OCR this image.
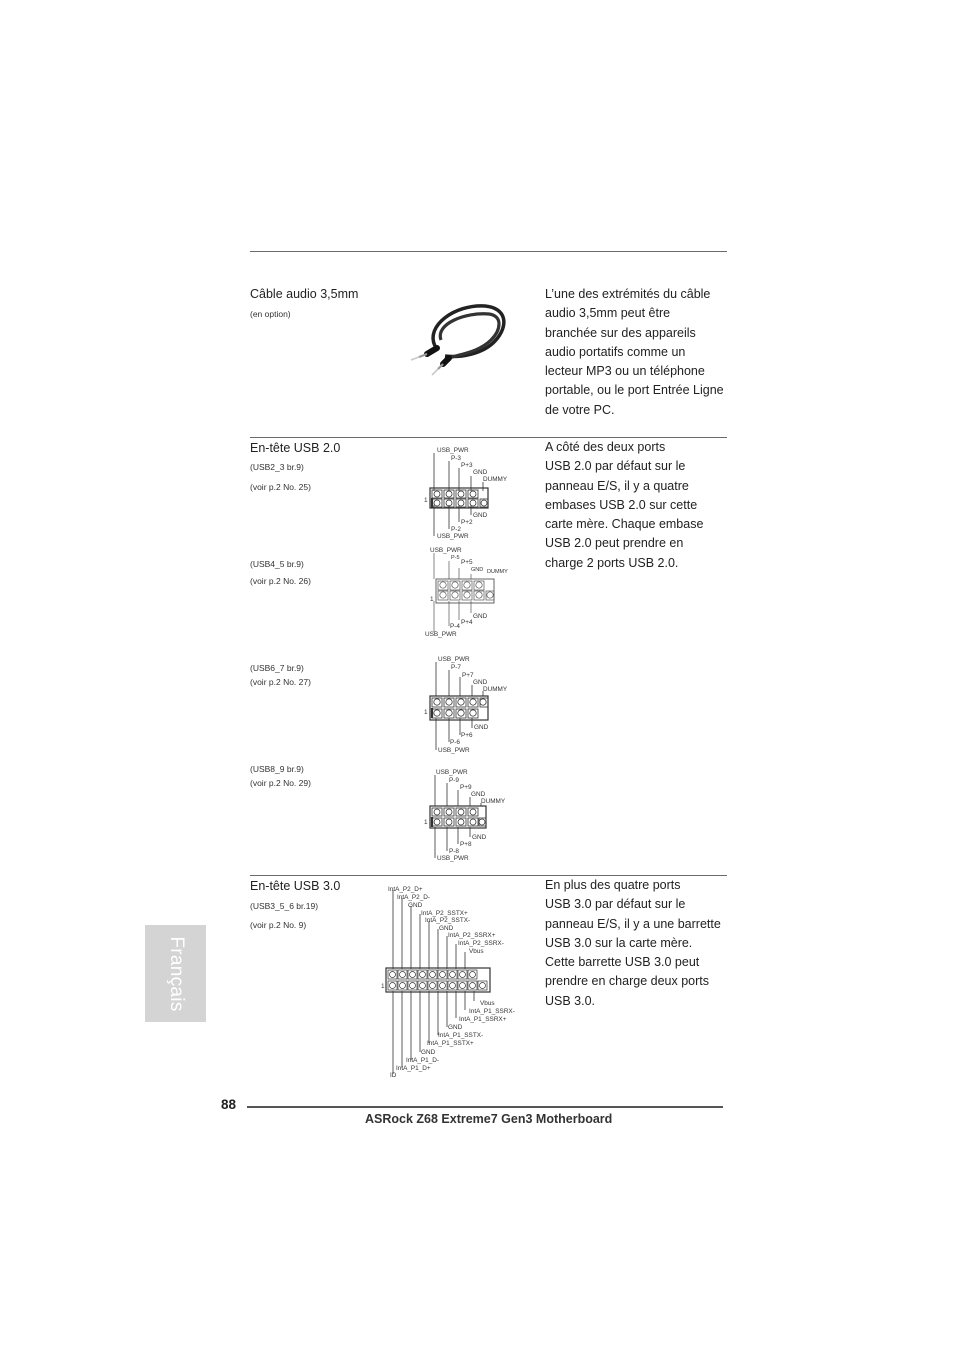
Câble audio 3,5mm
(en option)
L’une des extrémités du câble
audio 3,5mm peut être
branchée sur des appareils
audio portatifs comme un
lecteur MP3 ou un téléphone
portable, ou le port Entrée Ligne
de votre PC.
En-tête USB 2.0
(USB2_3 br.9)
(voir p.2 No. 25)
(USB4_5 br.9)
(voir p.2 No. 26)
(USB6_7 br.9)
(voir p.2 No. 27)
(USB8_9 br.9)
(voir p.2 No. 29)
A côté des deux ports
USB 2.0 par défaut sur le
panneau E/S, il y a quatre
embases USB 2.0 sur cette
carte mère. Chaque embase
USB 2.0 peut prendre en
charge 2 ports USB 2.0.
USB_PWR
P-3
P+3
GND
DUMMY
GND
P+2
P-2
USB_PWR
1
USB_PWR
P-5
P+5
GND DUMMY
GND
P+4
P-4
USB_PWR
1
USB_PWR
P-7
P+7
GND
DUMMY
GND
P+6
P-6
USB_PWR
1
USB_PWR
P-9
P+9
GND
DUMMY
GND
P+8
P-8
USB_PWR
1
En-tête USB 3.0
(USB3_5_6 br.19)
(voir p.2 No. 9)
En plus des quatre ports
USB 3.0 par défaut sur le
panneau E/S, il y a une barrette
USB 3.0 sur la carte mère.
Cette barrette USB 3.0 peut
prendre en charge deux ports
USB 3.0.
IntA_P2_D+
IntA_P2_D-
GND
IntA_P2_SSTX+
IntA_P2_SSTX-
GND
IntA_P2_SSRX+
IntA_P2_SSRX-
Vbus
Vbus
IntA_P1_SSRX-
IntA_P1_SSRX+
GND
IntA_P1_SSTX-
IntA_P1_SSTX+
GND
IntA_P1_D-
IntA_P1_D+
ID
1
Français
88
ASRock Z68 Extreme7 Gen3 Motherboard
